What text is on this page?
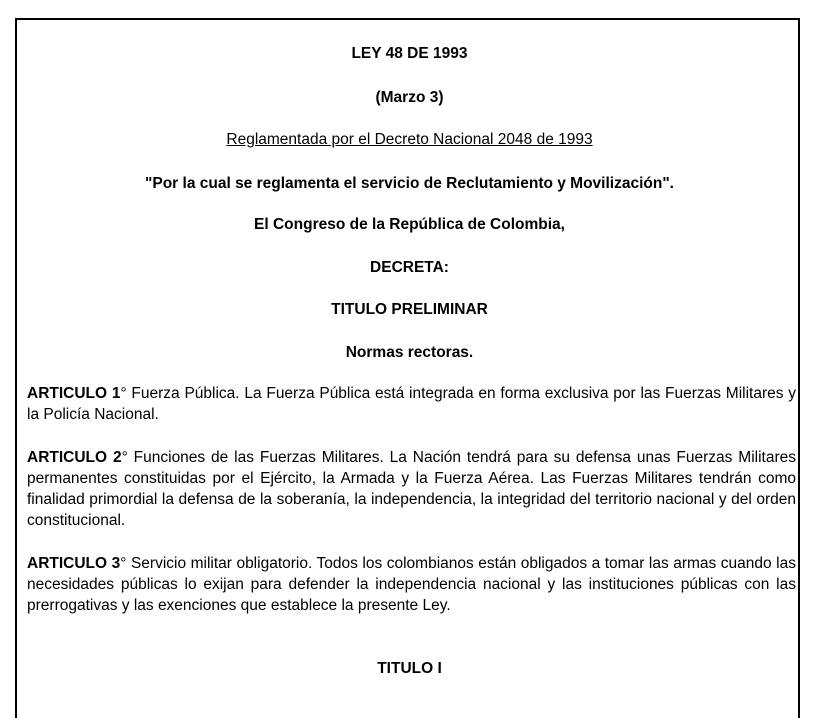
LEY 48 DE 1993
(Marzo 3)
Reglamentada por el Decreto Nacional 2048 de 1993
"Por la cual se reglamenta el servicio de Reclutamiento y Movilización".
El Congreso de la República de Colombia,
DECRETA:
TITULO PRELIMINAR
Normas rectoras.
ARTICULO 1° Fuerza Pública. La Fuerza Pública está integrada en forma exclusiva por las Fuerzas Militares y la Policía Nacional.
ARTICULO 2° Funciones de las Fuerzas Militares. La Nación tendrá para su defensa unas Fuerzas Militares permanentes constituidas por el Ejército, la Armada y la Fuerza Aérea. Las Fuerzas Militares tendrán como finalidad primordial la defensa de la soberanía, la independencia, la integridad del territorio nacional y del orden constitucional.
ARTICULO 3° Servicio militar obligatorio. Todos los colombianos están obligados a tomar las armas cuando las necesidades públicas lo exijan para defender la independencia nacional y las instituciones públicas con las prerrogativas y las exenciones que establece la presente Ley.
TITULO I
